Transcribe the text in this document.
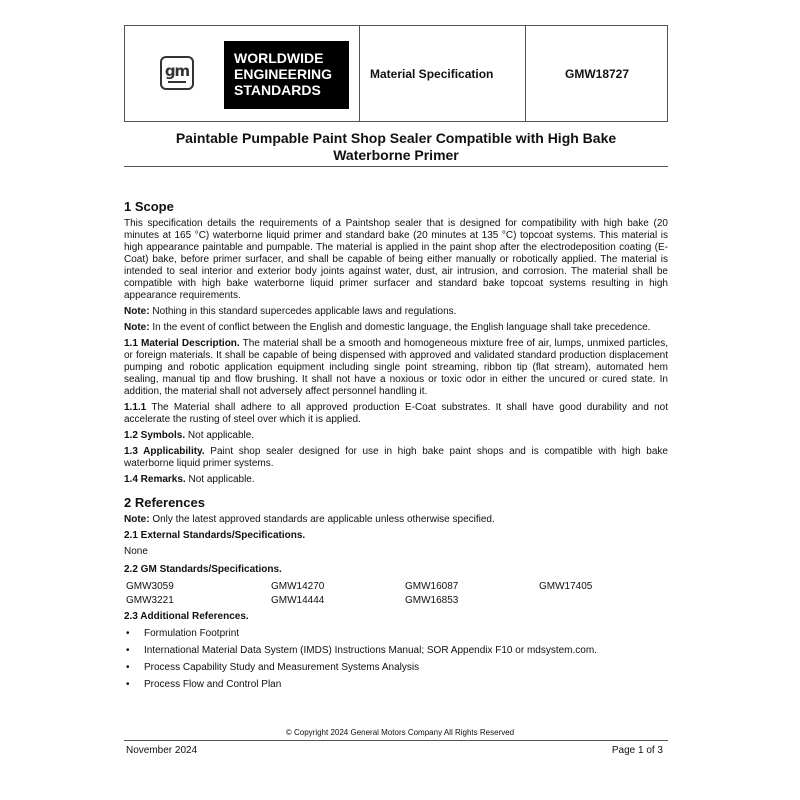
gm
WORLDWIDE
ENGINEERING
STANDARDS
Material Specification	GMW18727
Paintable Pumpable Paint Shop Sealer Compatible with High Bake
Waterborne Primer
1 Scope

This specification details the requirements of a Paintshop sealer that is designed for compatibility with high bake (20 minutes at 165 °C) waterborne liquid primer and standard bake (20 minutes at 135 °C) topcoat systems. This material is high appearance paintable and pumpable. The material is applied in the paint shop after the electrodeposition coating (E-Coat) bake, before primer surfacer, and shall be capable of being either manually or robotically applied. The material is intended to seal interior and exterior body joints against water, dust, air intrusion, and corrosion. The material shall be compatible with high bake waterborne liquid primer surfacer and standard bake topcoat systems resulting in high appearance requirements.

Note: Nothing in this standard supercedes applicable laws and regulations.

Note: In the event of conflict between the English and domestic language, the English language shall take precedence.

1.1 Material Description. The material shall be a smooth and homogeneous mixture free of air, lumps, unmixed particles, or foreign materials. It shall be capable of being dispensed with approved and validated standard production displacement pumping and robotic application equipment including single point streaming, ribbon tip (flat stream), automated hem sealing, manual tip and flow brushing. It shall not have a noxious or toxic odor in either the uncured or cured state. In addition, the material shall not adversely affect personnel handling it.

1.1.1 The Material shall adhere to all approved production E-Coat substrates. It shall have good durability and not accelerate the rusting of steel over which it is applied.

1.2 Symbols. Not applicable.

1.3 Applicability. Paint shop sealer designed for use in high bake paint shops and is compatible with high bake waterborne liquid primer systems.

1.4 Remarks. Not applicable.

2 References

Note: Only the latest approved standards are applicable unless otherwise specified.

2.1 External Standards/Specifications.
None
2.2 GM Standards/Specifications.
GMW3059	GMW14270	GMW16087	GMW17405
GMW3221	GMW14444	GMW16853
2.3 Additional References.
• Formulation Footprint
• International Material Data System (IMDS) Instructions Manual; SOR Appendix F10 or mdsystem.com.
• Process Capability Study and Measurement Systems Analysis
• Process Flow and Control Plan
© Copyright 2024 General Motors Company All Rights Reserved
November 2024	Page 1 of 3
